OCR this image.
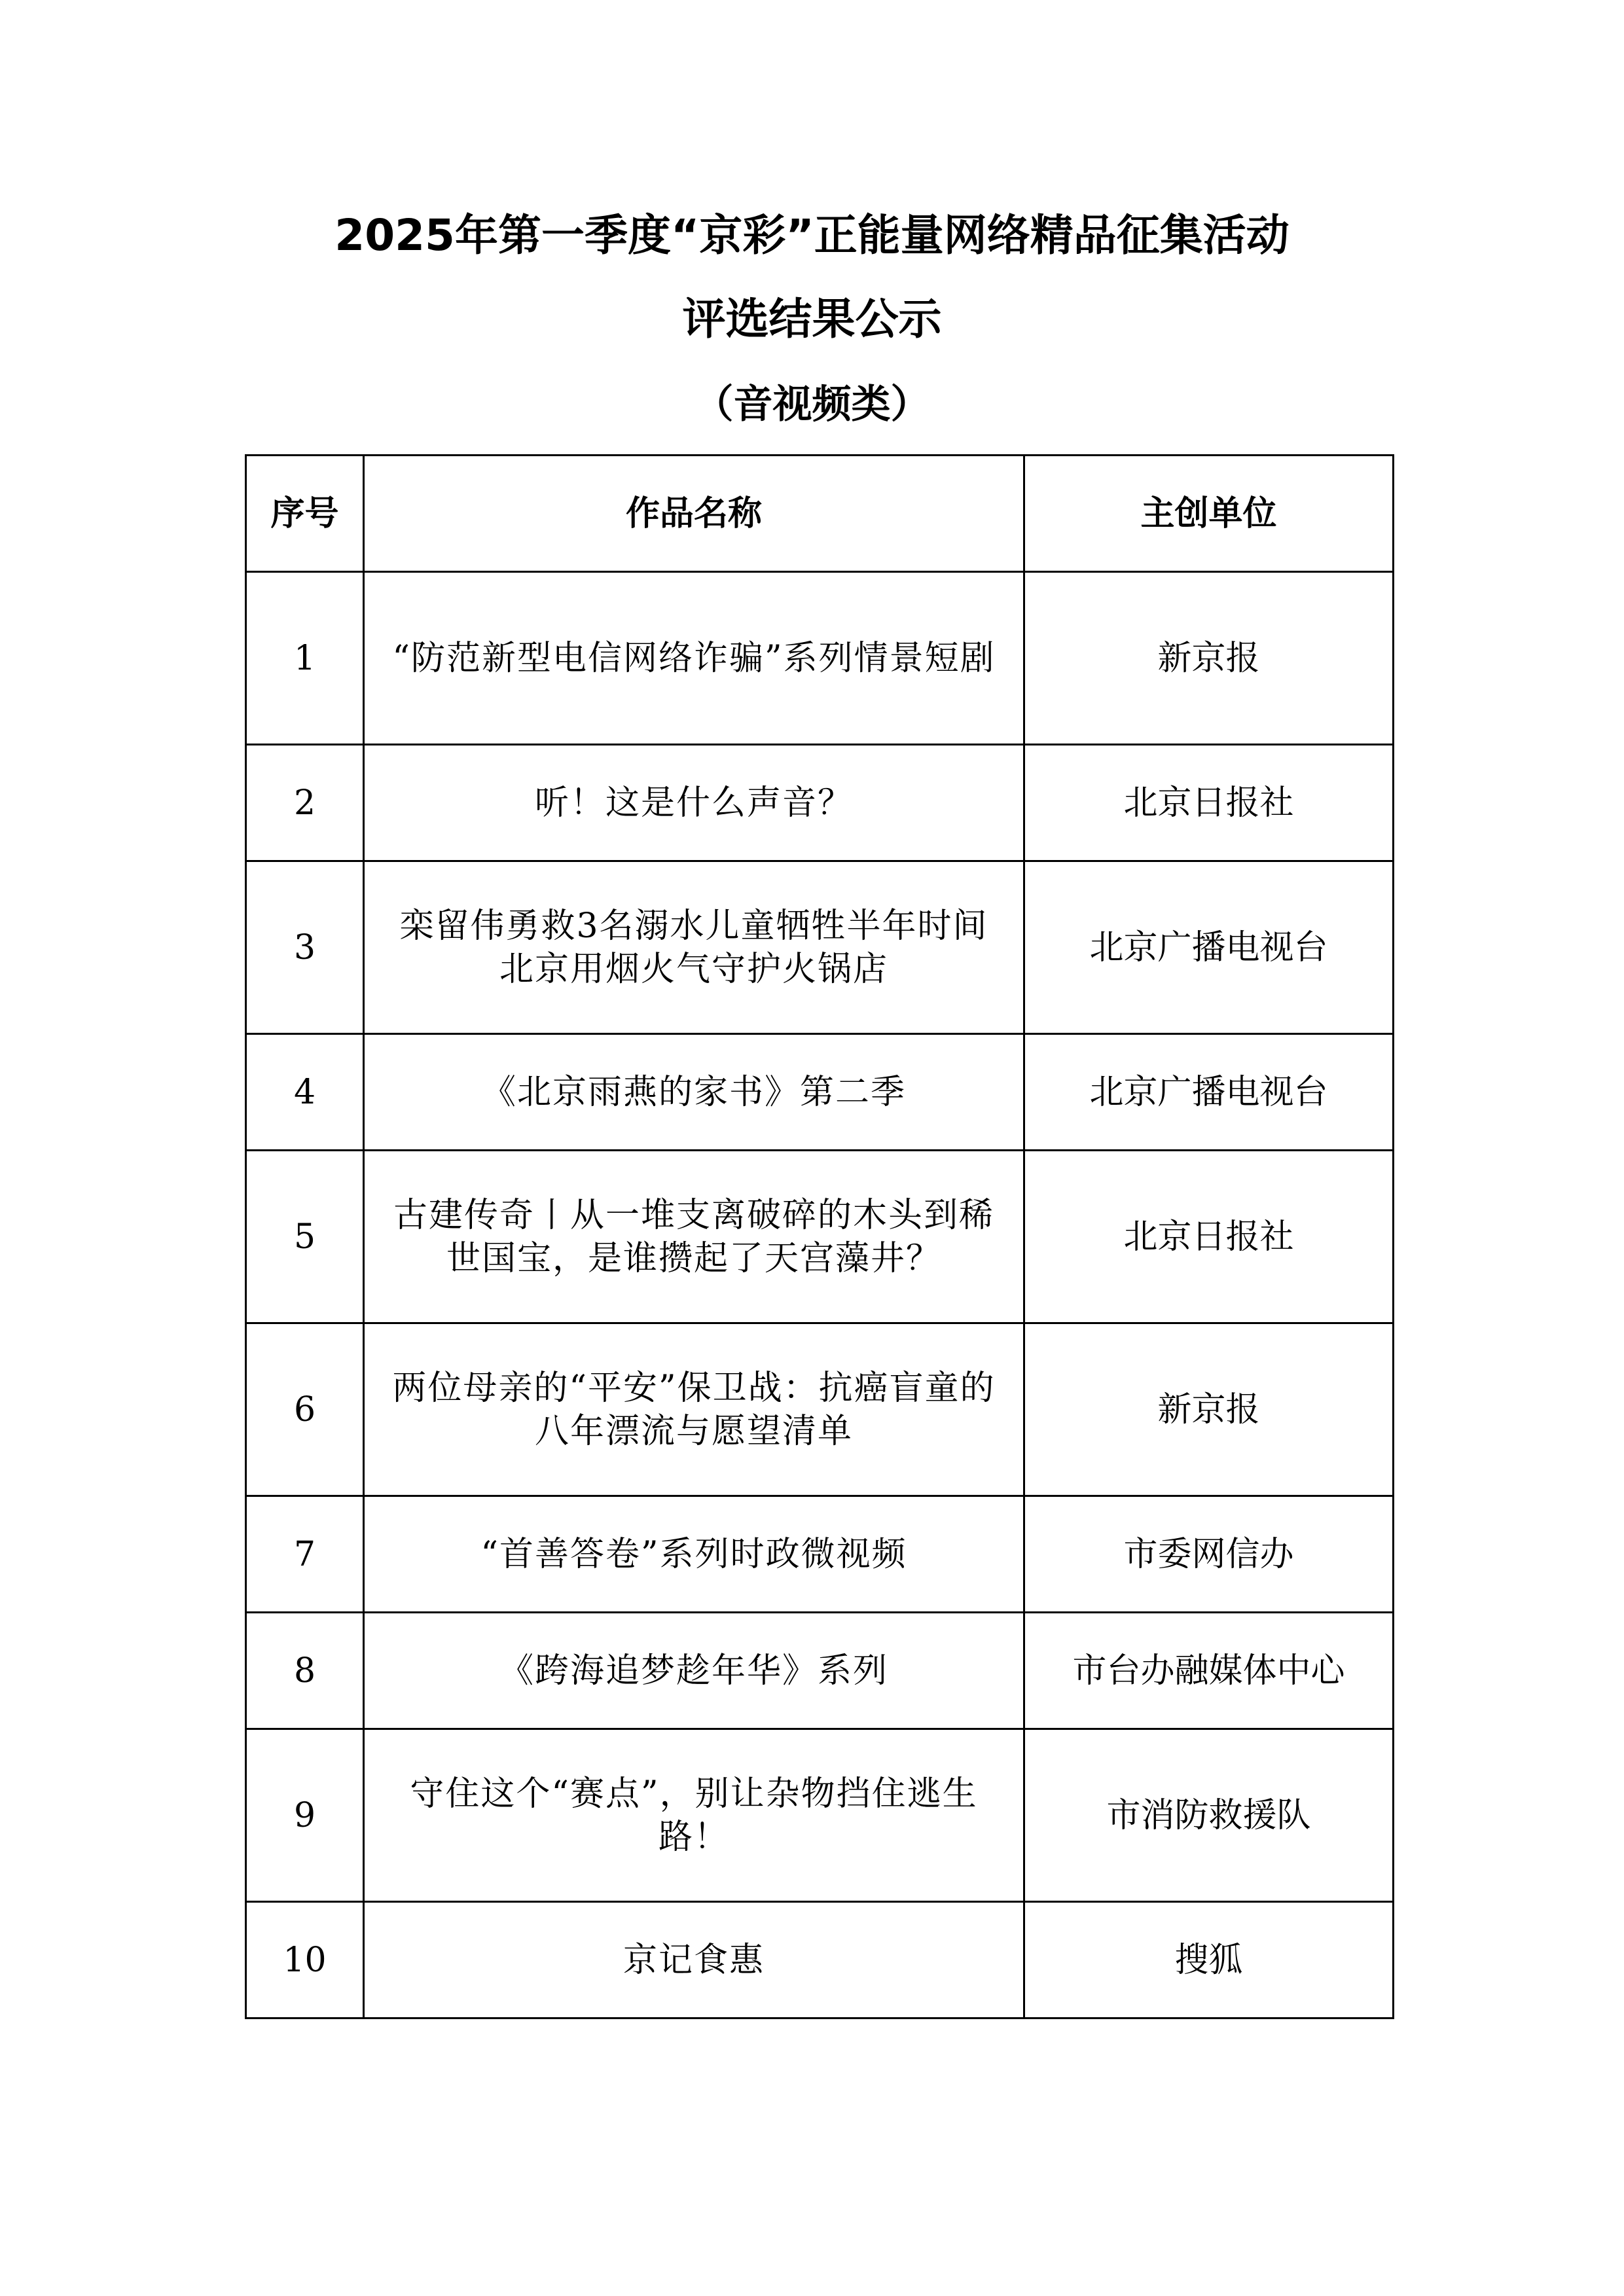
2025年第一季度“京彩”正能量网络精品征集活动
评选结果公示
（音视频类）
序号	作品名称	主创单位
1	“防范新型电信网络诈骗”系列情景短剧	新京报
2	听！这是什么声音？	北京日报社
3	栾留伟勇救3名溺水儿童牺牲半年时间 北京用烟火气守护火锅店	北京广播电视台
4	《北京雨燕的家书》第二季	北京广播电视台
5	古建传奇丨从一堆支离破碎的木头到稀世国宝，是谁攒起了天宫藻井？	北京日报社
6	两位母亲的“平安”保卫战：抗癌盲童的八年漂流与愿望清单	新京报
7	“首善答卷”系列时政微视频	市委网信办
8	《跨海追梦趁年华》系列	市台办融媒体中心
9	守住这个“赛点”，别让杂物挡住逃生路！	市消防救援队
10	京记食惠	搜狐
